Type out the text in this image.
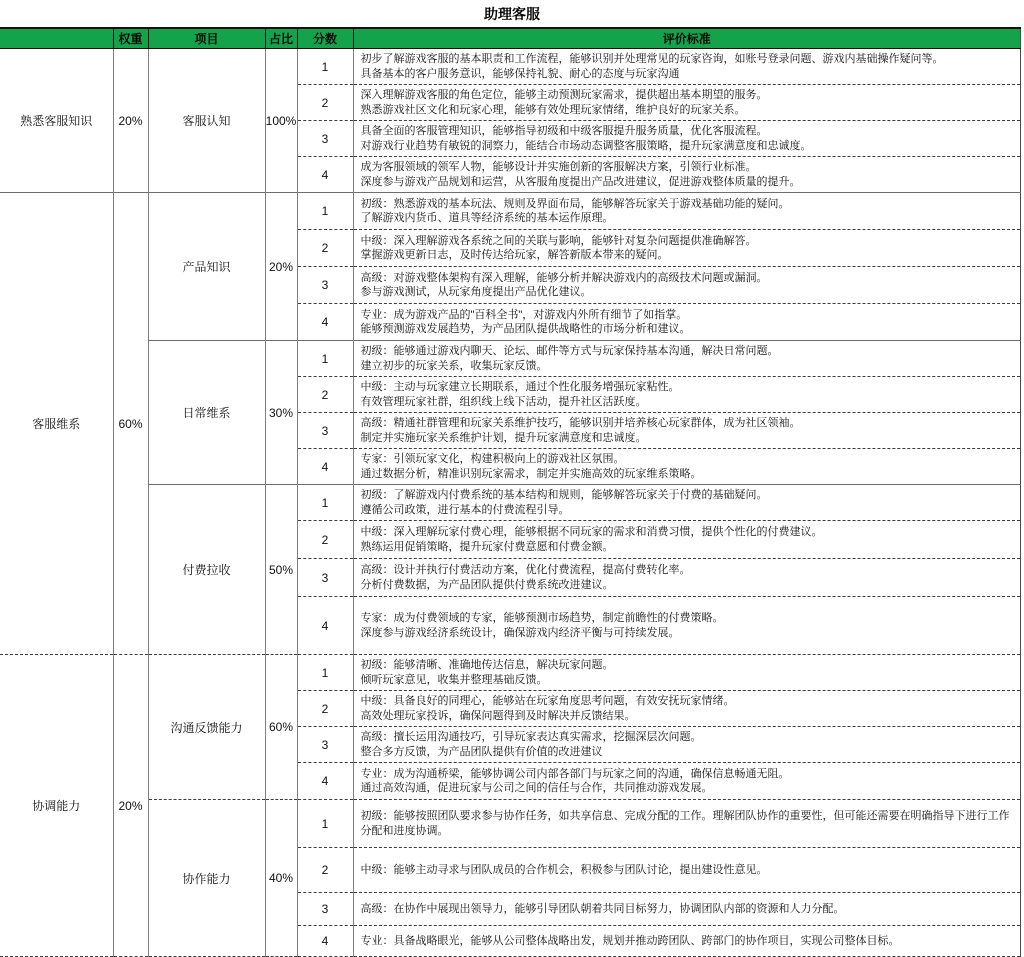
助理客服
	权重	项目	占比	分数	评价标准
熟悉客服知识	20%	客服认知	100%	1	初步了解游戏客服的基本职责和工作流程，能够识别并处理常见的玩家咨询，如账号登录问题、游戏内基础操作疑问等。
具备基本的客户服务意识，能够保持礼貌、耐心的态度与玩家沟通

				2	深入理解游戏客服的角色定位，能够主动预测玩家需求，提供超出基本期望的服务。
熟悉游戏社区文化和玩家心理，能够有效处理玩家情绪，维护良好的玩家关系。

				3	具备全面的客服管理知识，能够指导初级和中级客服提升服务质量，优化客服流程。
对游戏行业趋势有敏锐的洞察力，能结合市场动态调整客服策略，提升玩家满意度和忠诚度。

				4	成为客服领域的领军人物，能够设计并实施创新的客服解决方案，引领行业标准。
深度参与游戏产品规划和运营，从客服角度提出产品改进建议，促进游戏整体质量的提升。

客服维系	60%	产品知识	20%	1	初级：熟悉游戏的基本玩法、规则及界面布局，能够解答玩家关于游戏基础功能的疑问。
了解游戏内货币、道具等经济系统的基本运作原理。

				2	中级：深入理解游戏各系统之间的关联与影响，能够针对复杂问题提供准确解答。
掌握游戏更新日志，及时传达给玩家，解答新版本带来的疑问。

				3	高级：对游戏整体架构有深入理解，能够分析并解决游戏内的高级技术问题或漏洞。
参与游戏测试，从玩家角度提出产品优化建议。

				4	专业：成为游戏产品的"百科全书"，对游戏内外所有细节了如指掌。
能够预测游戏发展趋势，为产品团队提供战略性的市场分析和建议。

		日常维系	30%	1	初级：能够通过游戏内聊天、论坛、邮件等方式与玩家保持基本沟通，解决日常问题。
建立初步的玩家关系，收集玩家反馈。

				2	中级：主动与玩家建立长期联系，通过个性化服务增强玩家粘性。
有效管理玩家社群，组织线上线下活动，提升社区活跃度。

				3	高级：精通社群管理和玩家关系维护技巧，能够识别并培养核心玩家群体，成为社区领袖。
制定并实施玩家关系维护计划，提升玩家满意度和忠诚度。

				4	专家：引领玩家文化，构建积极向上的游戏社区氛围。
通过数据分析，精准识别玩家需求，制定并实施高效的玩家维系策略。

		付费拉收	50%	1	初级：了解游戏内付费系统的基本结构和规则，能够解答玩家关于付费的基础疑问。
遵循公司政策，进行基本的付费流程引导。

				2	中级：深入理解玩家付费心理，能够根据不同玩家的需求和消费习惯，提供个性化的付费建议。
熟练运用促销策略，提升玩家付费意愿和付费金额。

				3	高级：设计并执行付费活动方案，优化付费流程，提高付费转化率。
分析付费数据，为产品团队提供付费系统改进建议。

				4	专家：成为付费领域的专家，能够预测市场趋势，制定前瞻性的付费策略。
深度参与游戏经济系统设计，确保游戏内经济平衡与可持续发展。

协调能力	20%	沟通反馈能力	60%	1	初级：能够清晰、准确地传达信息，解决玩家问题。
倾听玩家意见，收集并整理基础反馈。

				2	中级：具备良好的同理心，能够站在玩家角度思考问题，有效安抚玩家情绪。
高效处理玩家投诉，确保问题得到及时解决并反馈结果。

				3	高级：擅长运用沟通技巧，引导玩家表达真实需求，挖掘深层次问题。
整合多方反馈，为产品团队提供有价值的改进建议

				4	专业：成为沟通桥梁，能够协调公司内部各部门与玩家之间的沟通，确保信息畅通无阻。
通过高效沟通，促进玩家与公司之间的信任与合作，共同推动游戏发展。

		协作能力	40%	1	初级：能够按照团队要求参与协作任务，如共享信息、完成分配的工作。理解团队协作的重要性，但可能还需要在明确指导下进行工作分配和进度协调。

				2	中级：能够主动寻求与团队成员的合作机会，积极参与团队讨论，提出建设性意见。

				3	高级：在协作中展现出领导力，能够引导团队朝着共同目标努力，协调团队内部的资源和人力分配。

				4	专业：具备战略眼光，能够从公司整体战略出发，规划并推动跨团队、跨部门的协作项目，实现公司整体目标。
